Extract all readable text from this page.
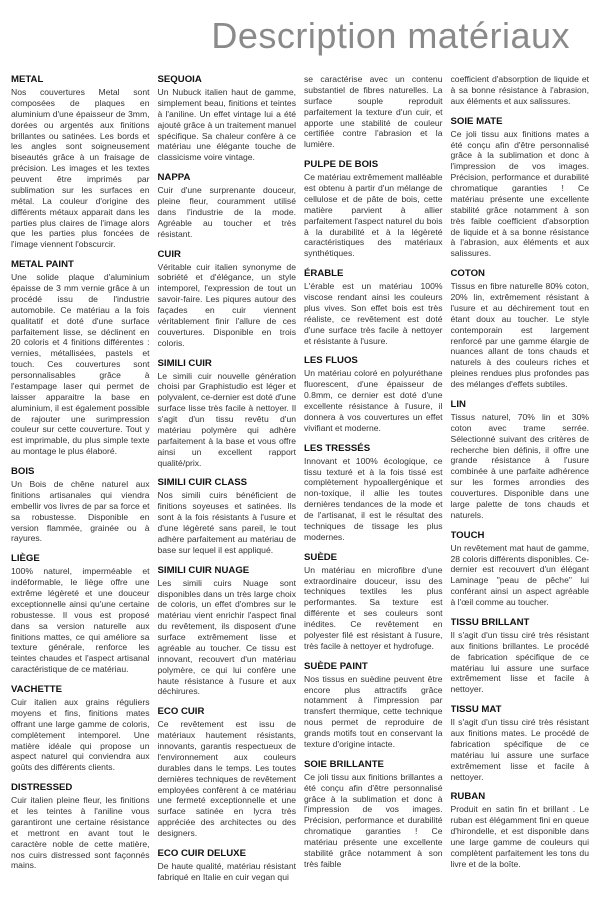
Description matériaux
METAL

Nos couvertures Metal sont composées de plaques en aluminium d'une épaisseur de 3mm, dorées ou argentés aux finitions brillantes ou satinées. Les bords et les angles sont soigneusement biseautés grâce à un fraisage de précision. Les images et les textes peuvent être imprimés par sublimation sur les surfaces en métal. La couleur d'origine des différents métaux apparait dans les parties plus claires de l'image alors que les parties plus foncées de l'image viennent l'obscurcir.

METAL PAINT

Une solide plaque d'aluminium épaisse de 3 mm vernie grâce à un procédé issu de l'industrie automobile. Ce matériau a la fois qualitatif et doté d'une surface parfaitement lisse, se déclinent en 20 coloris et 4 finitions différentes : vernies, métallisées, pastels et touch. Ces couvertures sont personnalisables grâce à l'estampage laser qui permet de laisser apparaitre la base en aluminium, il est également possible de rajouter une surimpression couleur sur cette couverture. Tout y est imprimable, du plus simple texte au montage le plus élaboré.

BOIS

Un Bois de chêne naturel aux finitions artisanales qui viendra embellir vos livres de par sa force et sa robustesse. Disponible en version flammée, grainée ou à rayures.

LIÈGE

100% naturel, imperméable et indéformable, le liège offre une extrême légèreté et une douceur exceptionnelle ainsi qu'une certaine robustesse. Il vous est proposé dans sa version naturelle aux finitions mattes, ce qui améliore sa texture générale, renforce les teintes chaudes et l'aspect artisanal caractéristique de ce matériau.

VACHETTE

Cuir italien aux grains réguliers moyens et fins, finitions mates offrant une large gamme de coloris, complètement intemporel. Une matière idéale qui propose un aspect naturel qui conviendra aux goûts des différents clients.

DISTRESSED

Cuir italien pleine fleur, les finitions et les teintes à l'aniline vous garantiront une certaine résistance et mettront en avant tout le caractère noble de cette matière, nos cuirs distressed sont façonnés mains.

SEQUOIA

Un Nubuck italien haut de gamme, simplement beau, finitions et teintes à l'aniline. Un effet vintage lui a été ajouté grâce à un traitement manuel spécifique. Sa chaleur confère à ce matériau une élégante touche de classicisme voire vintage.

NAPPA

Cuir d'une surprenante douceur, pleine fleur, couramment utilisé dans l'industrie de la mode. Agréable au toucher et très résistant.

CUIR

Véritable cuir italien synonyme de sobriété et d'élégance, un style intemporel, l'expression de tout un savoir-faire. Les piqures autour des façades en cuir viennent véritablement finir l'allure de ces couvertures. Disponible en trois coloris.

SIMILI CUIR

Le simili cuir nouvelle génération choisi par Graphistudio est léger et polyvalent, ce-dernier est doté d'une surface lisse très facile à nettoyer. Il s'agit d'un tissu revêtu d'un matériau polymère qui adhère parfaitement à la base et vous offre ainsi un excellent rapport qualité/prix.

SIMILI CUIR CLASS

Nos simili cuirs bénéficient de finitions soyeuses et satinées. Ils sont à la fois résistants à l'usure et d'une légèreté sans pareil, le tout adhère parfaitement au matériau de base sur lequel il est appliqué.

SIMILI CUIR NUAGE

Les simili cuirs Nuage sont disponibles dans un très large choix de coloris, un effet d'ombres sur le matériau vient enrichir l'aspect final du revêtement, ils disposent d'une surface extrêmement lisse et agréable au toucher. Ce tissu est innovant, recouvert d'un matériau polymère, ce qui lui confère une haute résistance à l'usure et aux déchirures.

ECO CUIR

Ce revêtement est issu de matériaux hautement résistants, innovants, garantis respectueux de l'environnement aux couleurs durables dans le temps. Les toutes dernières techniques de revêtement employées confèrent à ce matériau une fermeté exceptionnelle et une surface satinée en lycra très appréciée des architectes ou des designers.

ECO CUIR DELUXE

De haute qualité, matériau résistant fabriqué en Italie en cuir vegan qui

se caractérise avec un contenu substantiel de fibres naturelles. La surface souple reproduit parfaitement la texture d'un cuir, et apporte une stabilité de couleur certifiée contre l'abrasion et la lumière.

PULPE DE BOIS

Ce matériau extrêmement malléable est obtenu à partir d'un mélange de cellulose et de pâte de bois, cette matière parvient à allier parfaitement l'aspect naturel du bois à la durabilité et à la légèreté caractéristiques des matériaux synthétiques.

ÉRABLE

L'érable est un matériau 100% viscose rendant ainsi les couleurs plus vives. Son effet bois est très réaliste, ce revêtement est doté d'une surface très facile à nettoyer et résistante à l'usure.

LES FLUOS

Un matériau coloré en polyuréthane fluorescent, d'une épaisseur de 0.8mm, ce dernier est doté d'une excellente résistance à l'usure, il donnera à vos couvertures un effet vivifiant et moderne.

LES TRESSÉS

Innovant et 100% écologique, ce tissu texturé et à la fois tissé est complètement hypoallergénique et non-toxique, il allie les toutes dernières tendances de la mode et de l'artisanat, il est le résultat des techniques de tissage les plus modernes.

SUÈDE

Un matériau en microfibre d'une extraordinaire douceur, issu des techniques textiles les plus performantes. Sa texture est différente et ses couleurs sont inédites. Ce revêtement en polyester filé est résistant à l'usure, très facile à nettoyer et hydrofuge.

SUÈDE PAINT

Nos tissus en suèdine peuvent être encore plus attractifs grâce notamment à l'impression par transfert thermique, cette technique nous permet de reproduire de grands motifs tout en conservant la texture d'origine intacte.

SOIE BRILLANTE

Ce joli tissu aux finitions brillantes a été conçu afin d'être personnalisé grâce à la sublimation et donc à l'impression de vos images. Précision, performance et durabilité chromatique garanties ! Ce matériau présente une excellente stabilité grâce notamment à son très faible

coefficient d'absorption de liquide et à sa bonne résistance à l'abrasion, aux éléments et aux salissures.

SOIE MATE

Ce joli tissu aux finitions mates a été conçu afin d'être personnalisé grâce à la sublimation et donc à l'impression de vos images. Précision, performance et durabilité chromatique garanties ! Ce matériau présente une excellente stabilité grâce notamment à son très faible coefficient d'absorption de liquide et à sa bonne résistance à l'abrasion, aux éléments et aux salissures.

COTON

Tissus en fibre naturelle 80% coton, 20% lin, extrêmement résistant à l'usure et au déchirement tout en étant doux au toucher. Le style contemporain est largement renforcé par une gamme élargie de nuances allant de tons chauds et naturels à des couleurs riches et pleines rendues plus profondes pas des mélanges d'effets subtiles.

LIN

Tissus naturel, 70% lin et 30% coton avec trame serrée. Sélectionné suivant des critères de recherche bien définis, il offre une grande résistance à l'usure combinée à une parfaite adhérence sur les formes arrondies des couvertures. Disponible dans une large palette de tons chauds et naturels.

TOUCH

Un revêtement mat haut de gamme, 28 coloris différents disponibles. Ce-dernier est recouvert d'un élégant Laminage "peau de pêche" lui conférant ainsi un aspect agréable à l'œil comme au toucher.

TISSU BRILLANT

Il s'agit d'un tissu ciré très résistant aux finitions brillantes. Le procédé de fabrication spécifique de ce matériau lui assure une surface extrêmement lisse et facile à nettoyer.

TISSU MAT

Il s'agit d'un tissu ciré très résistant aux finitions mates. Le procédé de fabrication spécifique de ce matériau lui assure une surface extrêmement lisse et facile à nettoyer.

RUBAN

Produit en satin fin et brillant . Le ruban est élégamment fini en queue d'hirondelle, et est disponible dans une large gamme de couleurs qui complètent parfaitement les tons du livre et de la boîte.
